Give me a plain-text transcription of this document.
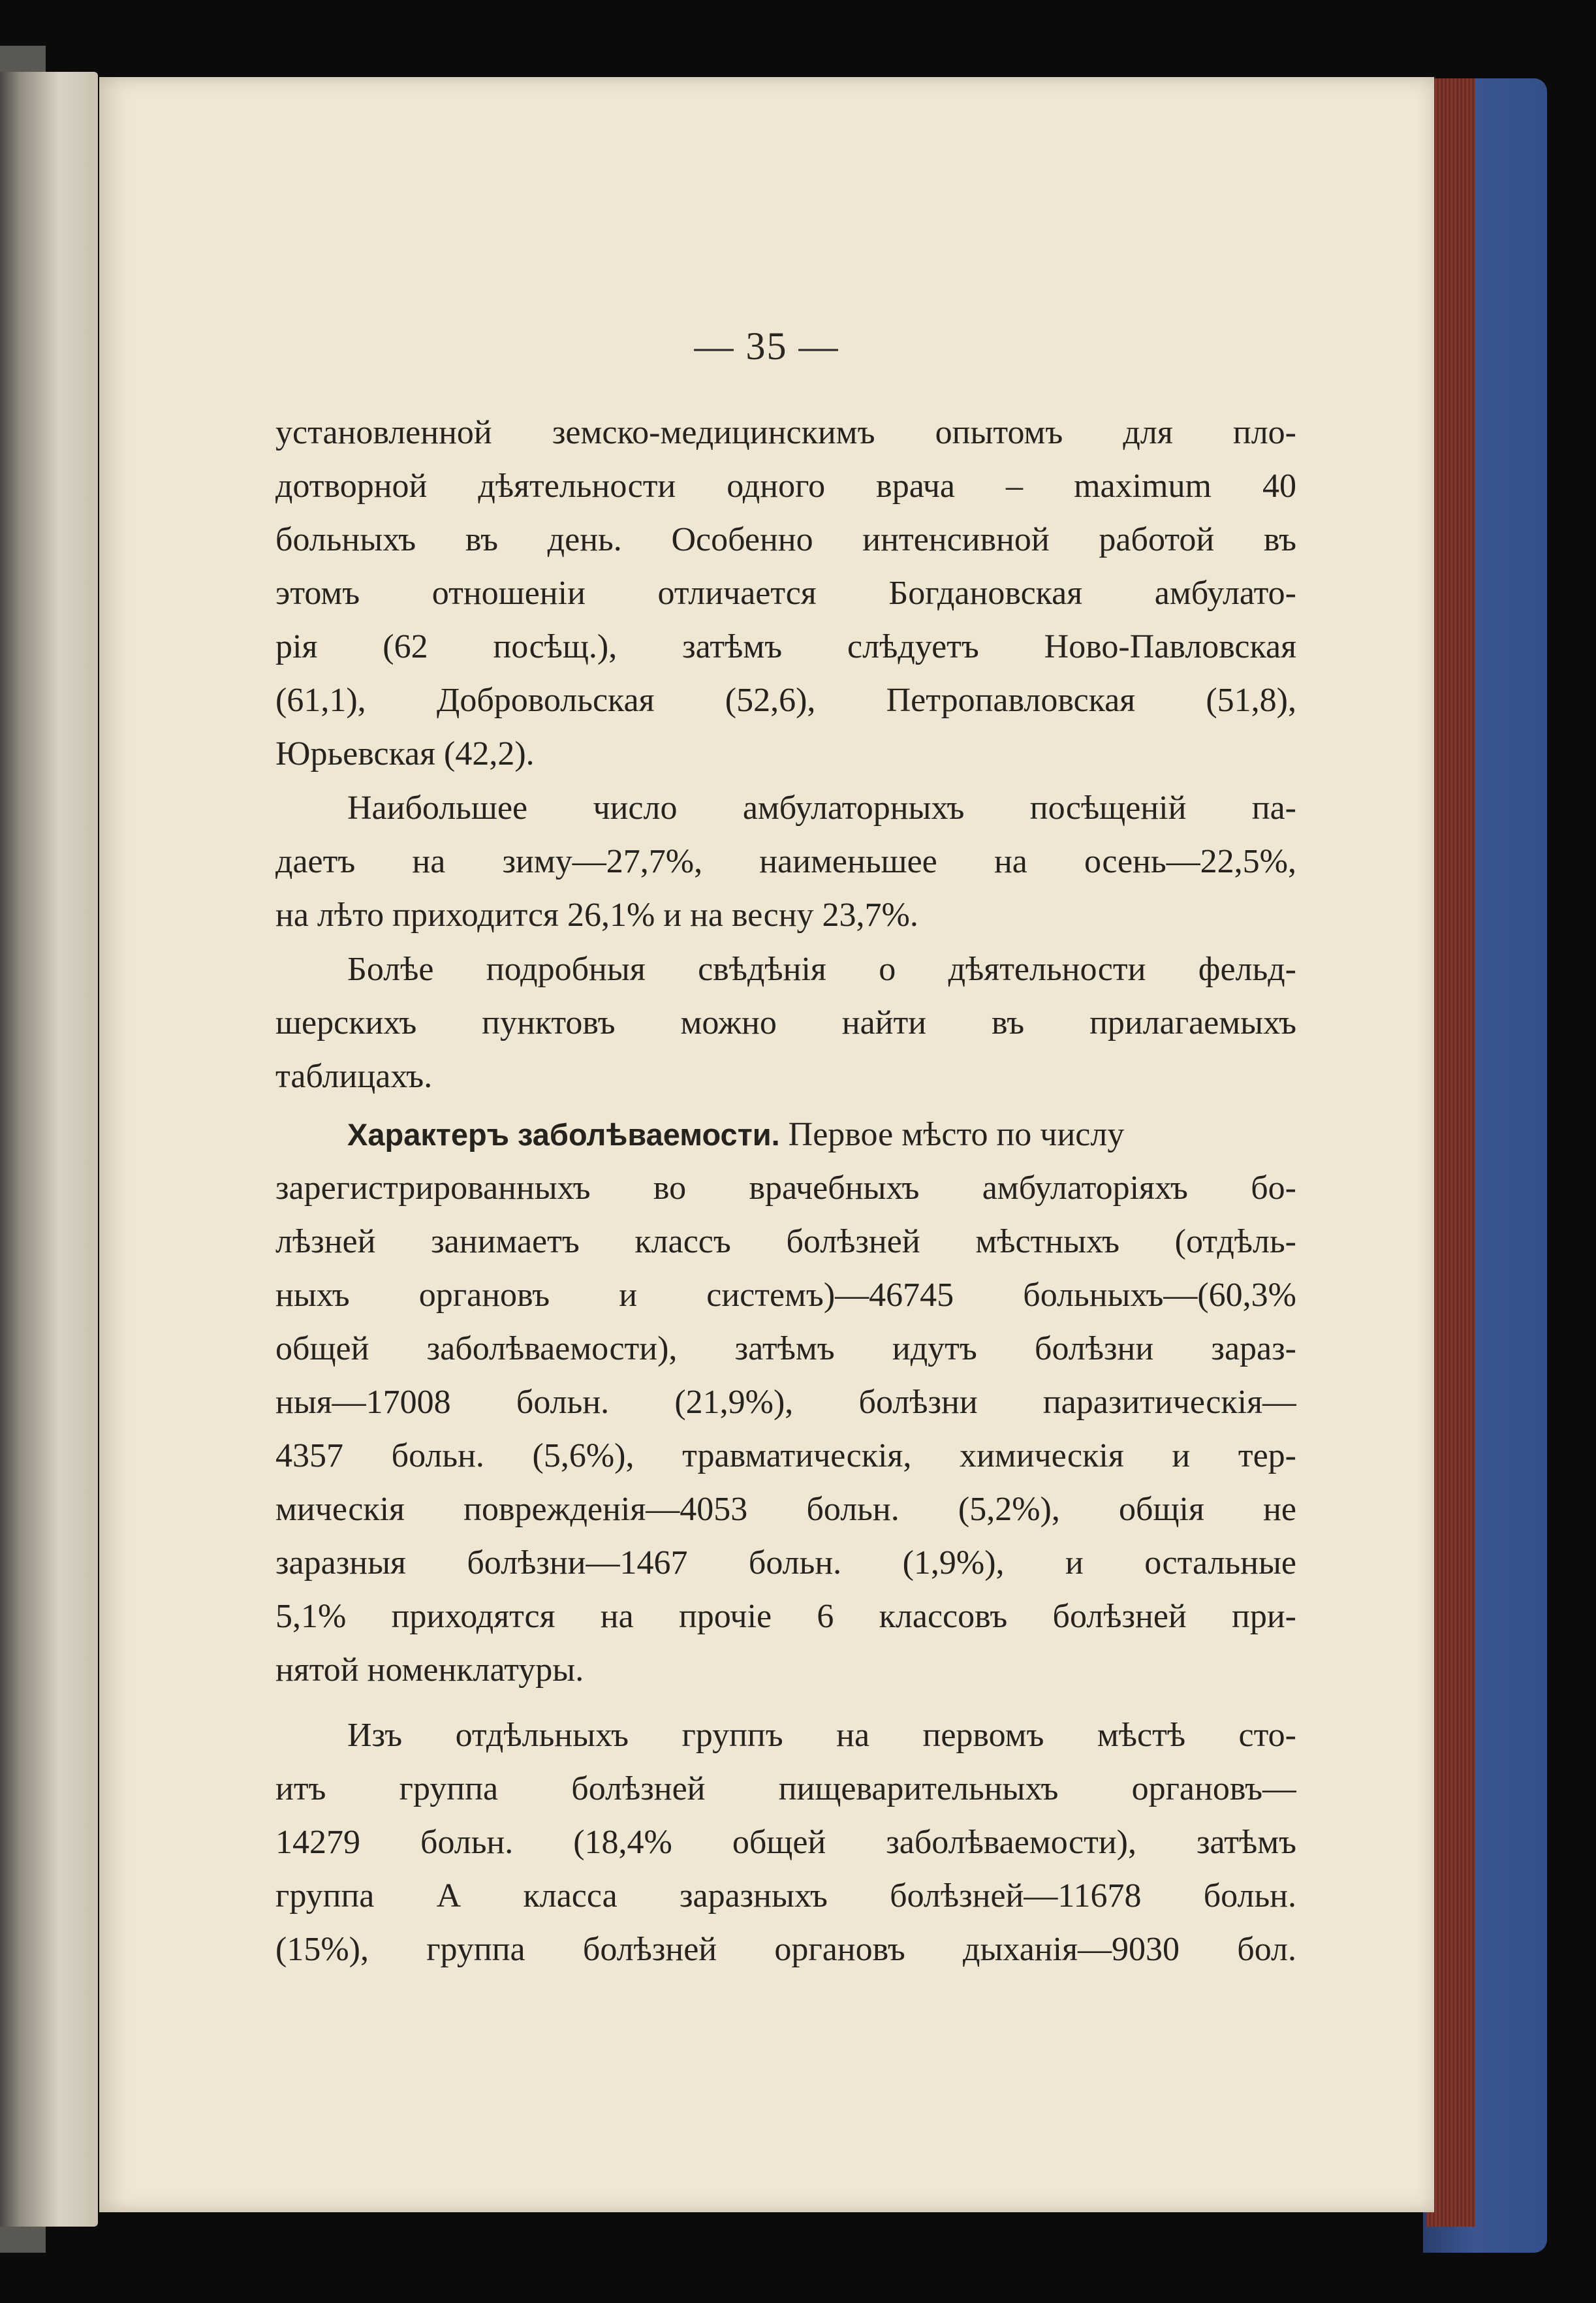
— 35 —
установленной земско-медицинскимъ опытомъ для пло-
дотворной дѣятельности одного врача – maximum 40
больныхъ въ день. Особенно интенсивной работой въ
этомъ отношенiи отличается Богдановская амбулато-
рiя (62 посѣщ.), затѣмъ слѣдуетъ Ново-Павловская
(61,1), Добровольская (52,6), Петропавловская (51,8),
Юрьевская (42,2).
Наибольшее число амбулаторныхъ посѣщенiй па-
даетъ на зиму—27,7%, наименьшее на осень—22,5%,
на лѣто приходится 26,1% и на весну 23,7%.
Болѣе подробныя свѣдѣнiя о дѣятельности фельд-
шерскихъ пунктовъ можно найти въ прилагаемыхъ
таблицахъ.
Характеръ заболѣваемости. Первое мѣсто по числу
зарегистрированныхъ во врачебныхъ амбулаторiяхъ бо-
лѣзней занимаетъ классъ болѣзней мѣстныхъ (отдѣль-
ныхъ органовъ и системъ)—46745 больныхъ—(60,3%
общей заболѣваемости), затѣмъ идутъ болѣзни зараз-
ныя—17008 больн. (21,9%), болѣзни паразитическiя—
4357 больн. (5,6%), травматическiя, химическiя и тер-
мическiя поврежденiя—4053 больн. (5,2%), общiя не
заразныя болѣзни—1467 больн. (1,9%), и остальные
5,1% приходятся на прочiе 6 классовъ болѣзней при-
нятой номенклатуры.
Изъ отдѣльныхъ группъ на первомъ мѣстѣ сто-
итъ группа болѣзней пищеварительныхъ органовъ—
14279 больн. (18,4% общей заболѣваемости), затѣмъ
группа А класса заразныхъ болѣзней—11678 больн.
(15%), группа болѣзней органовъ дыханiя—9030 бол.
